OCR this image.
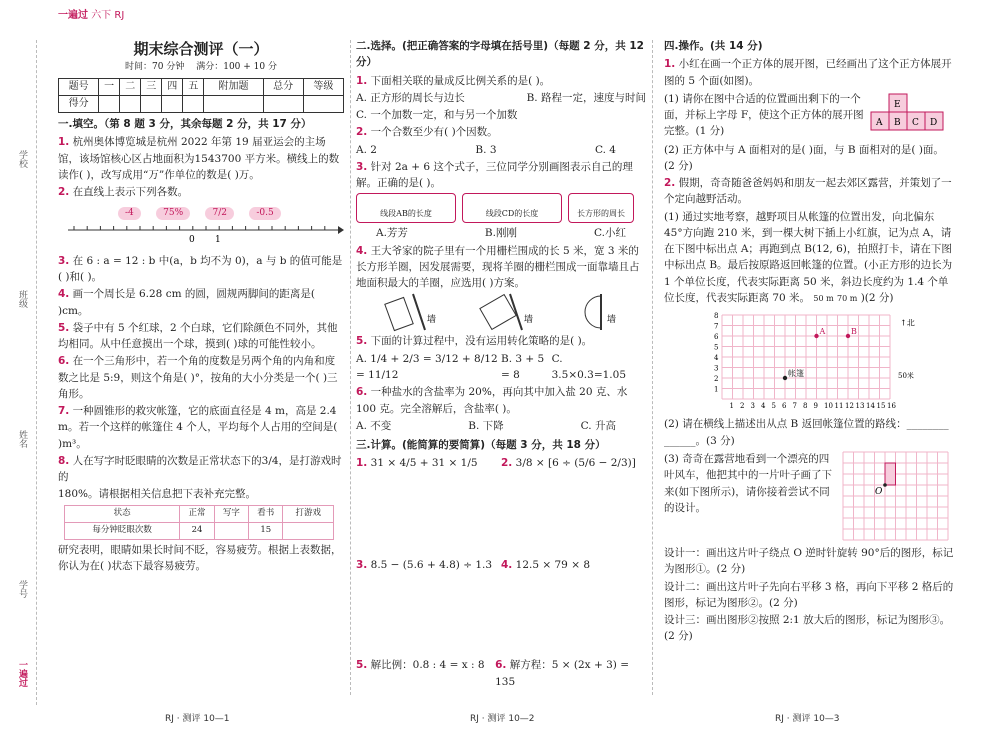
学校
班级
姓名
学号
一遍过
一遍过 六下 RJ
期末综合测评（一）
时间：70 分钟　 满分：100 + 10 分
题号	一	二	三	四	五	附加题	总分	等级
得分								
一.填空。（第 8 题 3 分，其余每题 2 分，共 17 分）
1. 杭州奥体博览城是杭州 2022 年第 19 届亚运会的主场馆，该场馆核心区占地面积为1543700 平方米。横线上的数读作( )，改写成用“万”作单位的数是( )万。
2. 在直线上表示下列各数。
-4	75%	7/2	-0.5
0 1
3. 在 6 : a = 12 : b 中(a，b 均不为 0)，a 与 b 的值可能是( )和( )。
4. 画一个周长是 6.28 cm 的圆，圆规两脚间的距离是( )cm。
5. 袋子中有 5 个红球，2 个白球，它们除颜色不同外，其他均相同。从中任意摸出一个球，摸到( )球的可能性较小。
6. 在一个三角形中，若一个角的度数是另两个角的内角和度数之比是 5:9，则这个角是( )°，按角的大小分类是一个( )三角形。
7. 一种圆锥形的救灾帐篷，它的底面直径是 4 m，高是 2.4 m。若一个这样的帐篷住 4 个人，平均每个人占用的空间是( )m³。
8. 人在写字时眨眼睛的次数是正常状态下的3/4，是打游戏时的
180%。请根据相关信息把下表补充完整。
状态	正常	写字	看书	打游戏
每分钟眨眼次数	24		15	
研究表明，眼睛如果长时间不眨，容易疲劳。根据上表数据，你认为在( )状态下最容易疲劳。
RJ · 测评 10—1
二.选择。(把正确答案的字母填在括号里)（每题 2 分，共 12 分）
1. 下面相关联的量成反比例关系的是( )。
A. 正方形的周长与边长	B. 路程一定，速度与时间
C. 一个加数一定，和与另一个加数
2. 一个合数至少有( )个因数。
A. 2	B. 3	C. 4
3. 针对 2a + 6 这个式子，三位同学分别画图表示自己的理解。正确的是( )。
线段AB的长度	线段CD的长度	长方形的周长
A.芳芳	B.刚刚	C.小红
4. 王大爷家的院子里有一个用栅栏围成的长 5 米，宽 3 米的长方形羊圈，因发展需要，现将羊圈的栅栏围成一面靠墙且占地面积最大的羊圈，应选用( )方案。
墙	墙	墙
5. 下面的计算过程中，没有运用转化策略的是( )。
A. 1/4 + 2/3 = 3/12 + 8/12 = 11/12
B. 3 + 5 = 8
C. 3.5×0.3=1.05
6. 一种盐水的含盐率为 20%，再向其中加入盐 20 克、水 100 克。完全溶解后，含盐率( )。
A. 不变	B. 下降	C. 升高
三.计算。(能简算的要简算)（每题 3 分，共 18 分）
1. 31 × 4/5 + 31 × 1/5	2. 3/8 × [6 ÷ (5/6 − 2/3)]
3. 8.5 − (5.6 + 4.8) ÷ 1.3 4. 12.5 × 79 × 8
5. 解比例：0.8 : 4 = x : 8	6. 解方程：5 × (2x + 3) = 135
RJ · 测评 10—2
四.操作。(共 14 分)
1. 小红在画一个正方体的展开图，已经画出了这个正方体展开图的 5 个面(如图)。
(1) 请你在图中合适的位置画出剩下的一个面，并标上字母 F，使这个正方体的展开图完整。(1 分)
E
A B C D
(2) 正方体中与 A 面相对的是( )面，与 B 面相对的是( )面。(2 分)
2. 假期，奇奇随爸爸妈妈和朋友一起去郊区露营，并策划了一个定向越野活动。
(1) 通过实地考察，越野项目从帐篷的位置出发，向北偏东 45°方向跑 210 米，到一棵大树下插上小红旗，记为点 A，请在下图中标出点 A；再跑到点 B(12, 6)，拍照打卡，请在下图中标出点 B。最后按原路返回帐篷的位置。(小正方形的边长为 1 个单位长度，代表实际距离 50 米，斜边长度约为 1.4 个单位长度，代表实际距离 70 米。 50 m 70 m )(2 分)
1 2 3 4 5 6 7 8 9 10 11 12 13 14 15 16
1
2
3
4
5
6
7
8
帐篷
A	B
↑北
50米
(2) 请在横线上描述出从点 B 返回帐篷位置的路线：________
______。(3 分)
(3) 奇奇在露营地看到一个漂亮的四叶风车，他把其中的一片叶子画了下来(如下图所示)，请你接着尝试不同的设计。
O
设计一：画出这片叶子绕点 O 逆时针旋转 90°后的图形，标记为图形①。(2 分)
设计二：画出这片叶子先向右平移 3 格，再向下平移 2 格后的图形，标记为图形②。(2 分)
设计三：画出图形②按照 2:1 放大后的图形，标记为图形③。(2 分)
RJ · 测评 10—3
